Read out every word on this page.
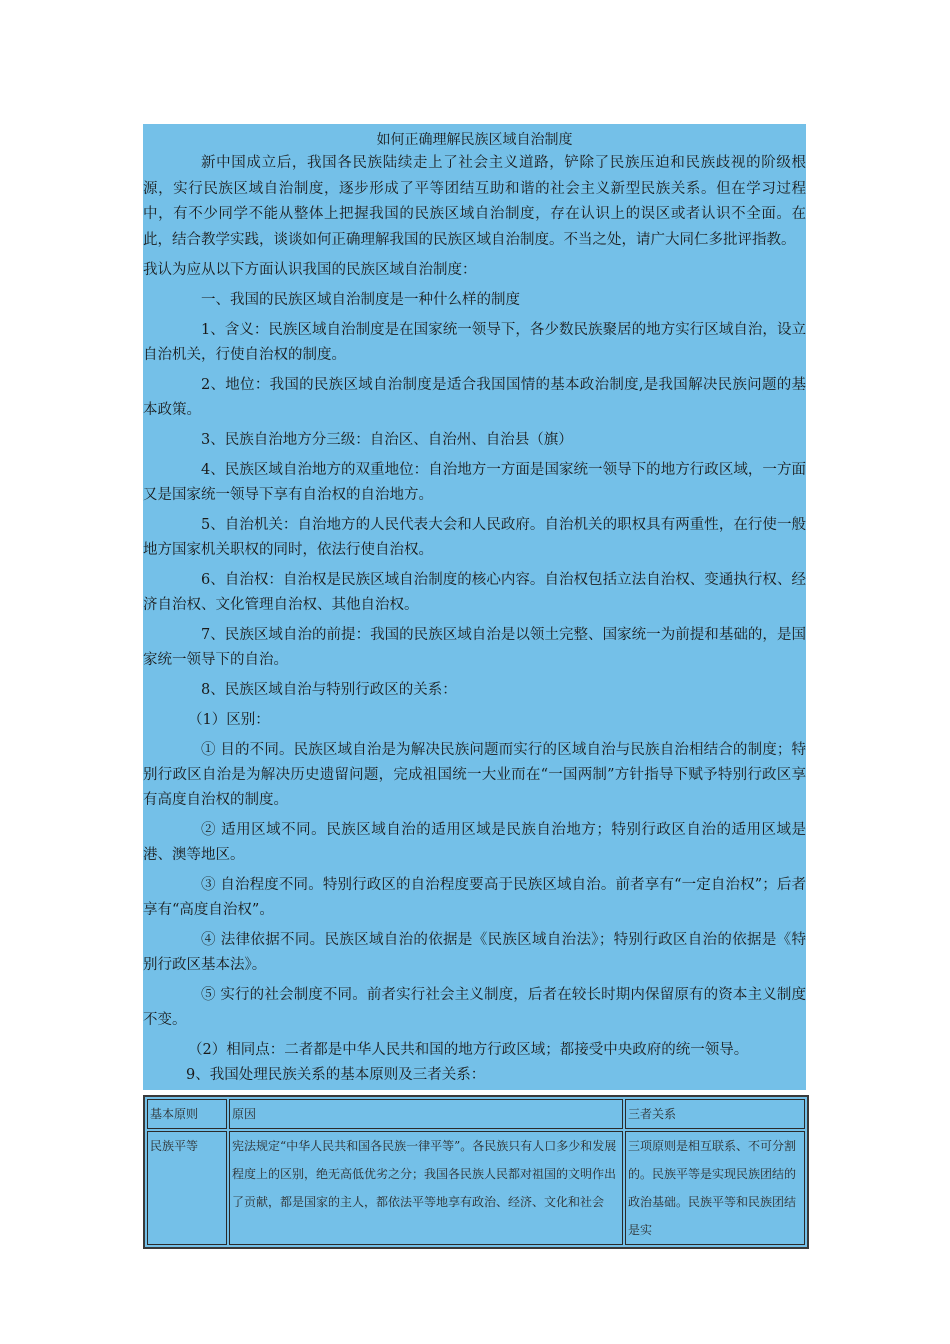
如何正确理解民族区域自治制度

新中国成立后，我国各民族陆续走上了社会主义道路，铲除了民族压迫和民族歧视的阶级根源，实行民族区域自治制度，逐步形成了平等团结互助和谐的社会主义新型民族关系。但在学习过程中，有不少同学不能从整体上把握我国的民族区域自治制度，存在认识上的误区或者认识不全面。在此，结合教学实践，谈谈如何正确理解我国的民族区域自治制度。不当之处，请广大同仁多批评指教。

我认为应从以下方面认识我国的民族区域自治制度：

一、我国的民族区域自治制度是一种什么样的制度

1、含义：民族区域自治制度是在国家统一领导下，各少数民族聚居的地方实行区域自治，设立自治机关，行使自治权的制度。

2、地位：我国的民族区域自治制度是适合我国国情的基本政治制度,是我国解决民族问题的基本政策。

3、民族自治地方分三级：自治区、自治州、自治县（旗）

4、民族区域自治地方的双重地位：自治地方一方面是国家统一领导下的地方行政区域，一方面又是国家统一领导下享有自治权的自治地方。

5、自治机关：自治地方的人民代表大会和人民政府。自治机关的职权具有两重性，在行使一般地方国家机关职权的同时，依法行使自治权。

6、自治权：自治权是民族区域自治制度的核心内容。自治权包括立法自治权、变通执行权、经济自治权、文化管理自治权、其他自治权。

7、民族区域自治的前提：我国的民族区域自治是以领土完整、国家统一为前提和基础的，是国家统一领导下的自治。

8、民族区域自治与特别行政区的关系：

（1）区别：

① 目的不同。民族区域自治是为解决民族问题而实行的区域自治与民族自治相结合的制度；特别行政区自治是为解决历史遗留问题，完成祖国统一大业而在“一国两制”方针指导下赋予特别行政区享有高度自治权的制度。

② 适用区域不同。民族区域自治的适用区域是民族自治地方；特别行政区自治的适用区域是港、澳等地区。

③ 自治程度不同。特别行政区的自治程度要高于民族区域自治。前者享有“一定自治权”；后者享有“高度自治权”。

④ 法律依据不同。民族区域自治的依据是《民族区域自治法》；特别行政区自治的依据是《特别行政区基本法》。

⑤ 实行的社会制度不同。前者实行社会主义制度，后者在较长时期内保留原有的资本主义制度不变。

（2）相同点：二者都是中华人民共和国的地方行政区域；都接受中央政府的统一领导。

9、我国处理民族关系的基本原则及三者关系：

基本原则	原因	三者关系
民族平等	宪法规定“中华人民共和国各民族一律平等”。各民族只有人口多少和发展程度上的区别，绝无高低优劣之分；我国各民族人民都对祖国的文明作出了贡献，都是国家的主人，都依法平等地享有政治、经济、文化和社会	三项原则是相互联系、不可分割的。民族平等是实现民族团结的政治基础。民族平等和民族团结是实
